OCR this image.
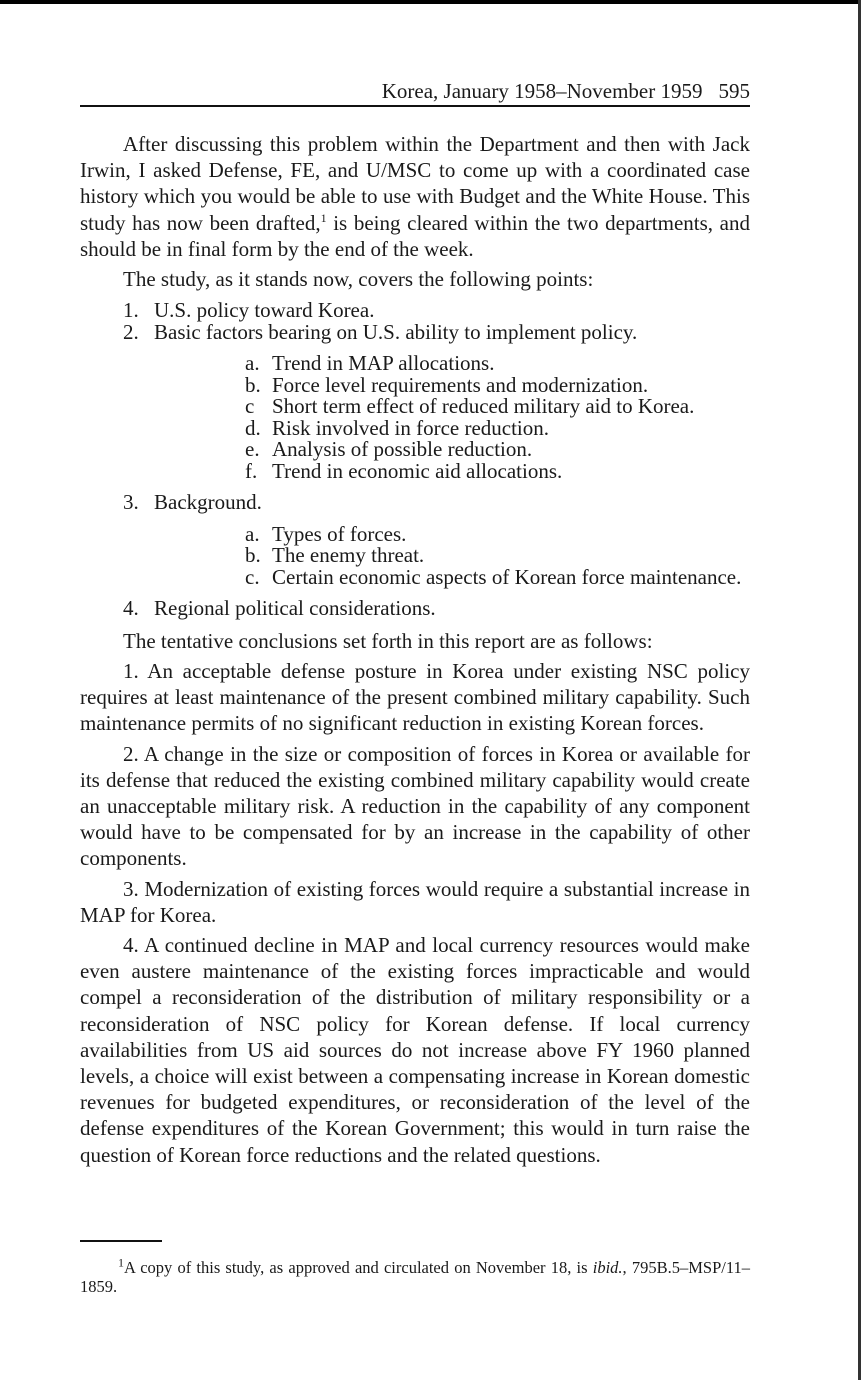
Korea, January 1958–November 1959 595

After discussing this problem within the Department and then with Jack Irwin, I asked Defense, FE, and U/MSC to come up with a coordinated case history which you would be able to use with Budget and the White House. This study has now been drafted,$^1$ is being cleared within the two departments, and should be in final form by the end of the week.

The study, as it stands now, covers the following points:

1. U.S. policy toward Korea.
2. Basic factors bearing on U.S. ability to implement policy.
a. Trend in MAP allocations.
b. Force level requirements and modernization.
c Short term effect of reduced military aid to Korea.
d. Risk involved in force reduction.
e. Analysis of possible reduction.
f. Trend in economic aid allocations.
3. Background.
a. Types of forces.
b. The enemy threat.
c. Certain economic aspects of Korean force maintenance.
4. Regional political considerations.

The tentative conclusions set forth in this report are as follows:

1. An acceptable defense posture in Korea under existing NSC policy requires at least maintenance of the present combined military capability. Such maintenance permits of no significant reduction in existing Korean forces.

2. A change in the size or composition of forces in Korea or available for its defense that reduced the existing combined military capability would create an unacceptable military risk. A reduction in the capability of any component would have to be compensated for by an increase in the capability of other components.

3. Modernization of existing forces would require a substantial increase in MAP for Korea.

4. A continued decline in MAP and local currency resources would make even austere maintenance of the existing forces impracticable and would compel a reconsideration of the distribution of military responsibility or a reconsideration of NSC policy for Korean defense. If local currency availabilities from US aid sources do not increase above FY 1960 planned levels, a choice will exist between a compensating increase in Korean domestic revenues for budgeted expenditures, or reconsideration of the level of the defense expenditures of the Korean Government; this would in turn raise the question of Korean force reductions and the related questions.

$^1$A copy of this study, as approved and circulated on November 18, is ibid., 795B.5–MSP/11–1859.
